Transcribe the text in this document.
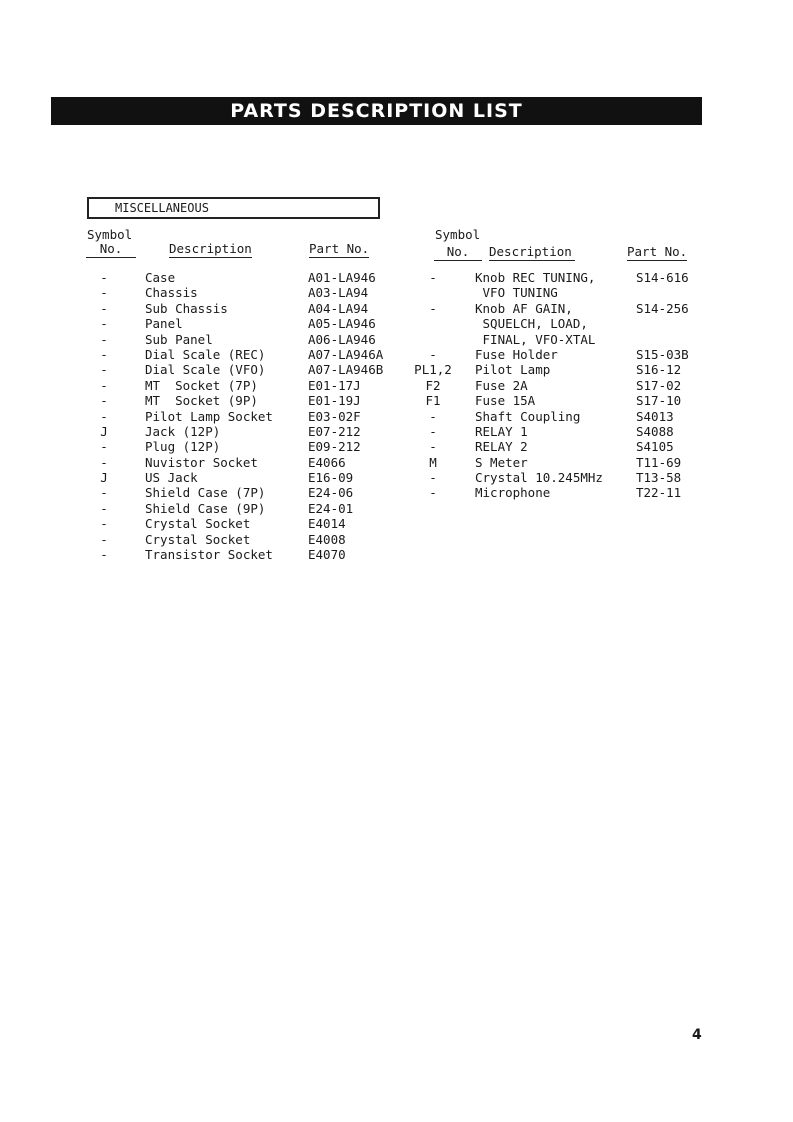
PARTS DESCRIPTION LIST
MISCELLANEOUS
Symbol
No.	Description	Part No.
Symbol
No.	Description	Part No.
-	Case	A01-LA946
-	Chassis	A03-LA94
-	Sub Chassis	A04-LA94
-	Panel	A05-LA946
-	Sub Panel	A06-LA946
-	Dial Scale (REC)	A07-LA946A
-	Dial Scale (VFO)	A07-LA946B
-	MT  Socket (7P)	E01-17J
-	MT  Socket (9P)	E01-19J
-	Pilot Lamp Socket	E03-02F
J	Jack (12P)	E07-212
-	Plug (12P)	E09-212
-	Nuvistor Socket	E4066
J	US Jack	E16-09
-	Shield Case (7P)	E24-06
-	Shield Case (9P)	E24-01
-	Crystal Socket	E4014
-	Crystal Socket	E4008
-	Transistor Socket	E4070
-	Knob REC TUNING,	S14-616
VFO TUNING
-	Knob AF GAIN,	S14-256
SQUELCH, LOAD,
FINAL, VFO-XTAL
-	Fuse Holder	S15-03B
PL1,2	Pilot Lamp	S16-12
F2	Fuse 2A	S17-02
F1	Fuse 15A	S17-10
-	Shaft Coupling	S4013
-	RELAY 1	S4088
-	RELAY 2	S4105
M	S Meter	T11-69
-	Crystal 10.245MHz	T13-58
-	Microphone	T22-11
4
